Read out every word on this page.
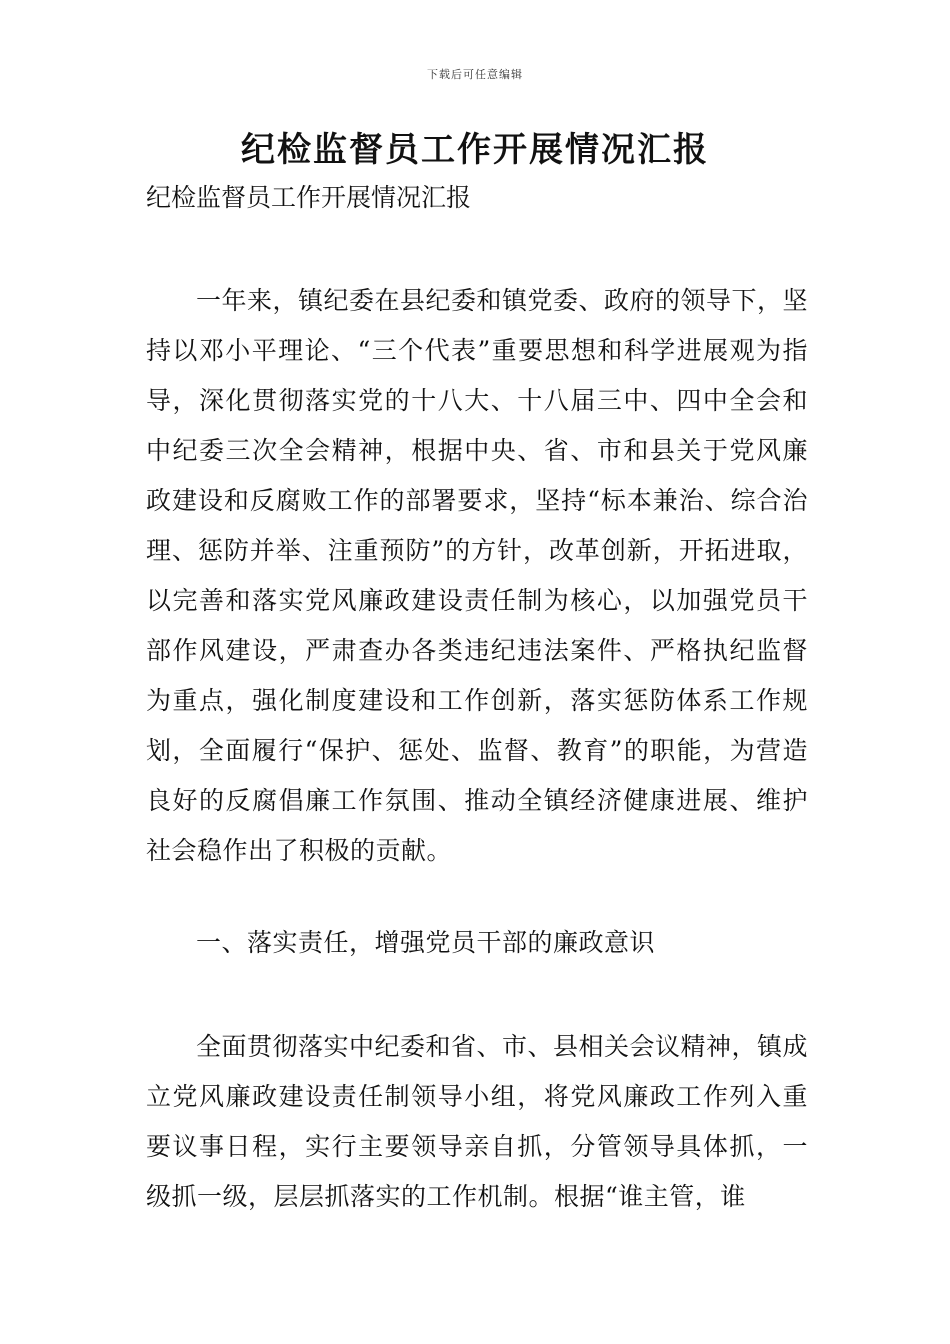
下载后可任意编辑
纪检监督员工作开展情况汇报

纪检监督员工作开展情况汇报

一年来，镇纪委在县纪委和镇党委、政府的领导下，坚持以邓小平理论、“三个代表”重要思想和科学进展观为指导，深化贯彻落实党的十八大、十八届三中、四中全会和中纪委三次全会精神，根据中央、省、市和县关于党风廉政建设和反腐败工作的部署要求，坚持“标本兼治、综合治理、惩防并举、注重预防”的方针，改革创新，开拓进取，以完善和落实党风廉政建设责任制为核心，以加强党员干部作风建设，严肃查办各类违纪违法案件、严格执纪监督为重点，强化制度建设和工作创新，落实惩防体系工作规划，全面履行“保护、惩处、监督、教育”的职能，为营造良好的反腐倡廉工作氛围、推动全镇经济健康进展、维护社会稳作出了积极的贡献。

一、落实责任，增强党员干部的廉政意识

全面贯彻落实中纪委和省、市、县相关会议精神，镇成立党风廉政建设责任制领导小组，将党风廉政工作列入重要议事日程，实行主要领导亲自抓，分管领导具体抓，一级抓一级，层层抓落实的工作机制。根据“谁主管，谁
